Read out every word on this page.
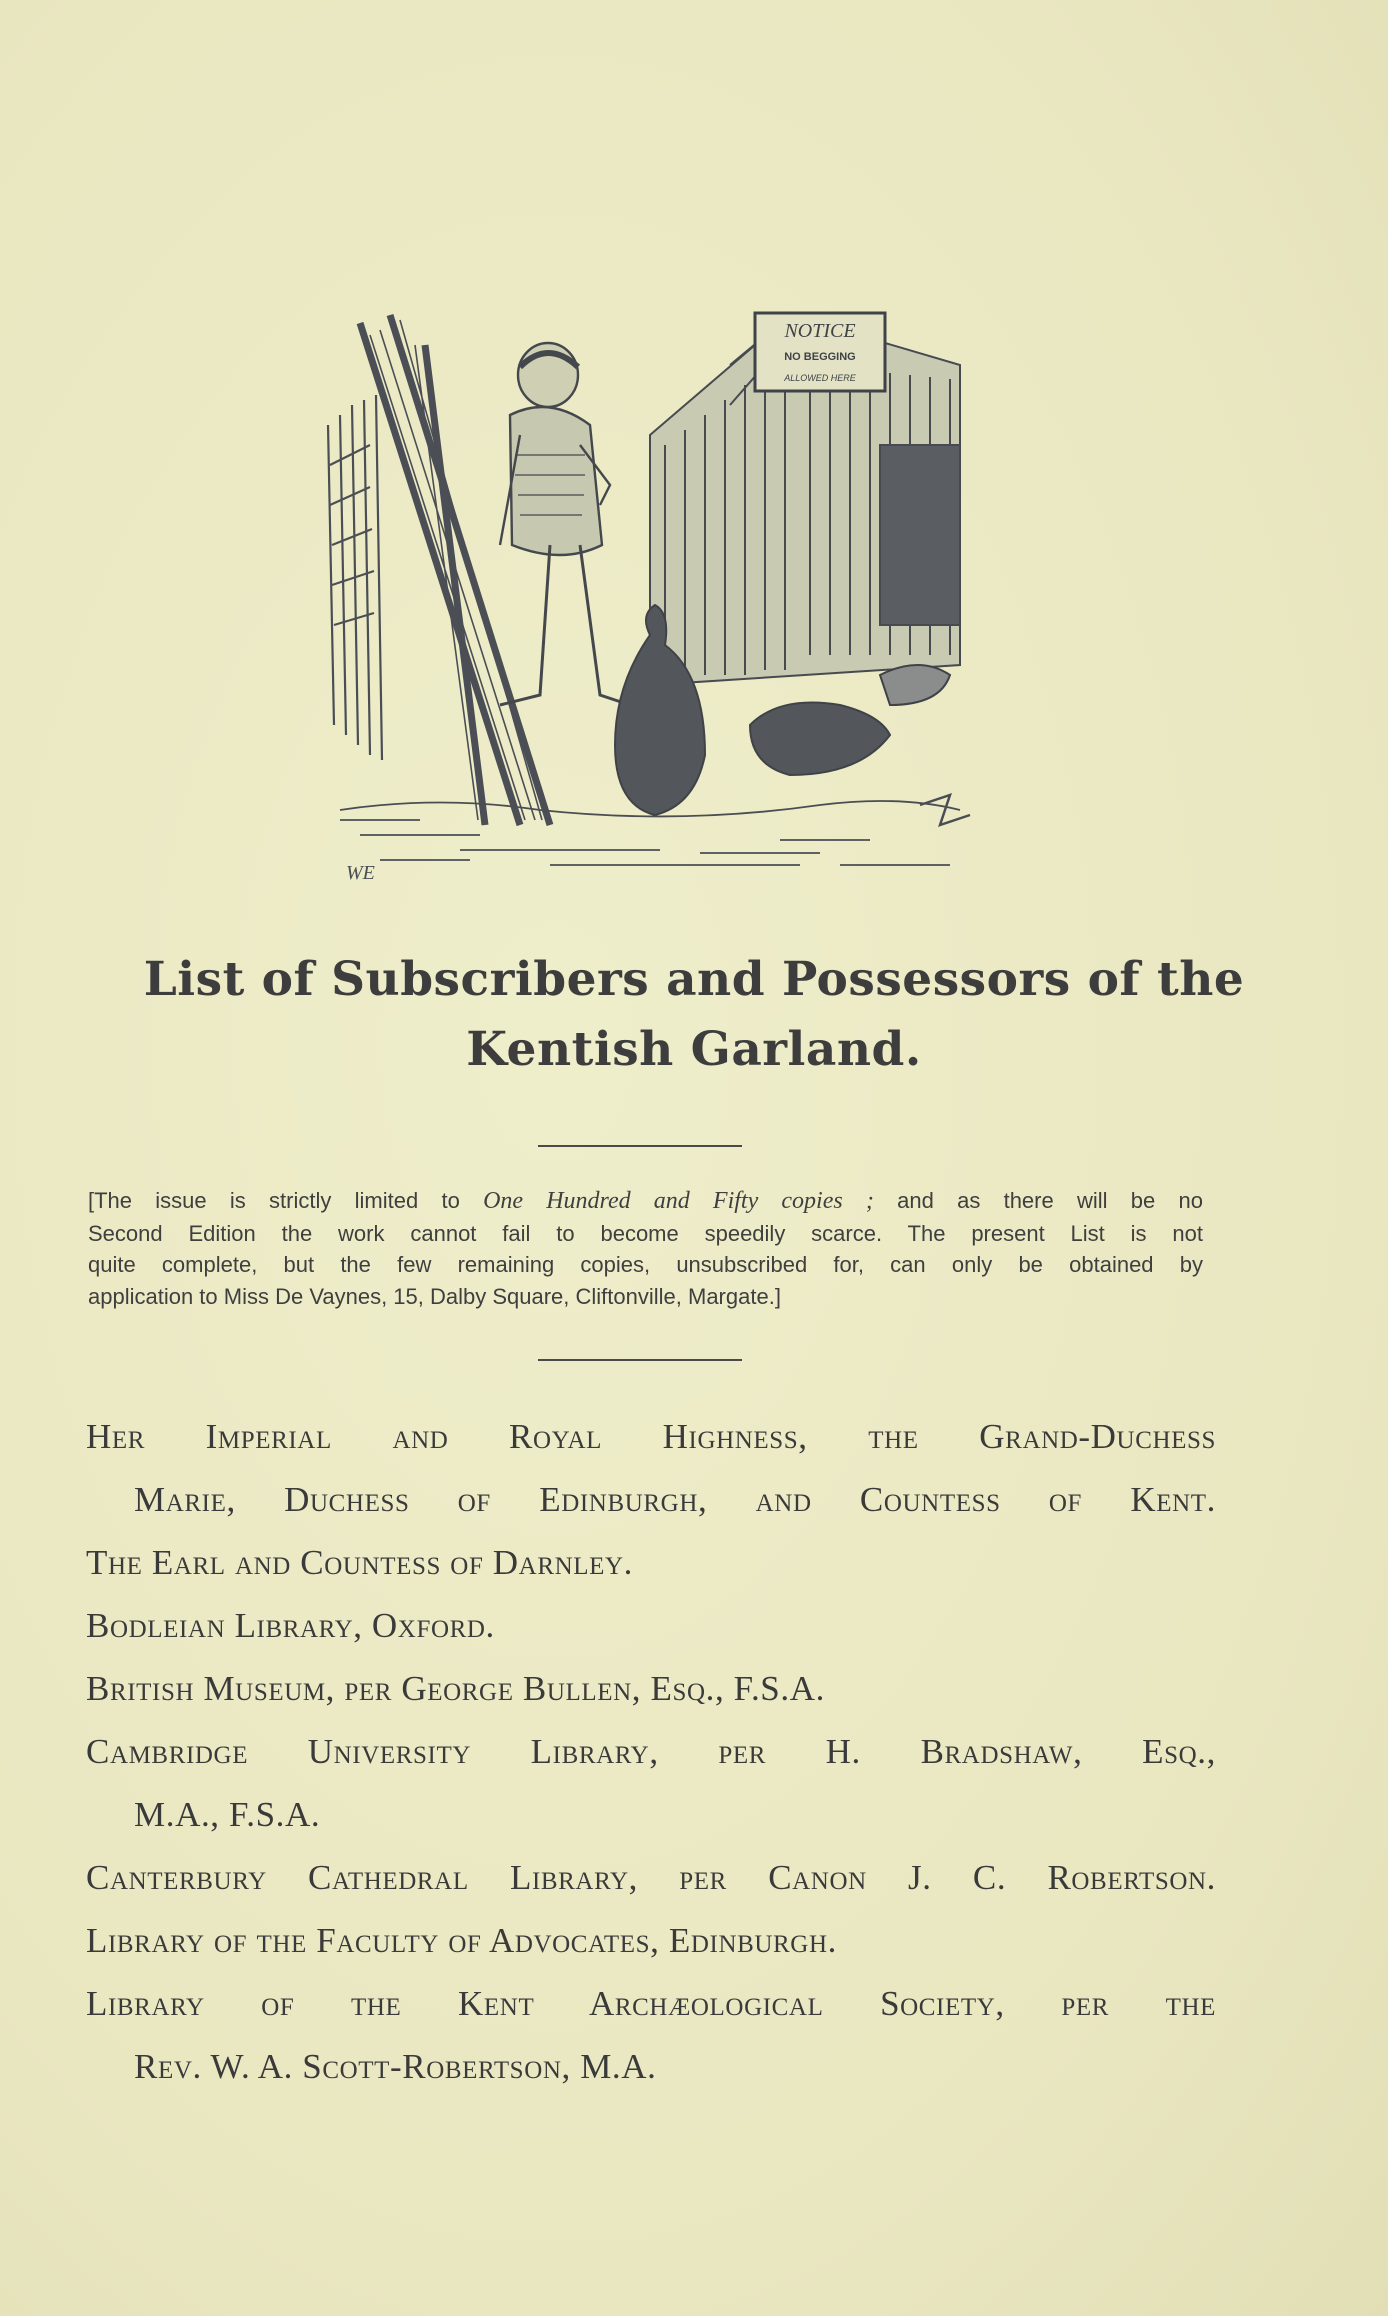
NOTICE
NO BEGGING
ALLOWED HERE
WE
List of Subscribers and Possessors of the
Kentish Garland.
[The issue is strictly limited to One Hundred and Fifty copies ; and as there will be no
Second Edition the work cannot fail to become speedily scarce. The present List is not
quite complete, but the few remaining copies, unsubscribed for, can only be obtained by
application to Miss De Vaynes, 15, Dalby Square, Cliftonville, Margate.]
Her Imperial and Royal Highness, the Grand-Duchess
Marie, Duchess of Edinburgh, and Countess of Kent.
The Earl and Countess of Darnley.
Bodleian Library, Oxford.
British Museum, per George Bullen, Esq., F.S.A.
Cambridge University Library, per H. Bradshaw, Esq.,
M.A., F.S.A.
Canterbury Cathedral Library, per Canon J. C. Robertson.
Library of the Faculty of Advocates, Edinburgh.
Library of the Kent Archæological Society, per the
Rev. W. A. Scott-Robertson, M.A.
